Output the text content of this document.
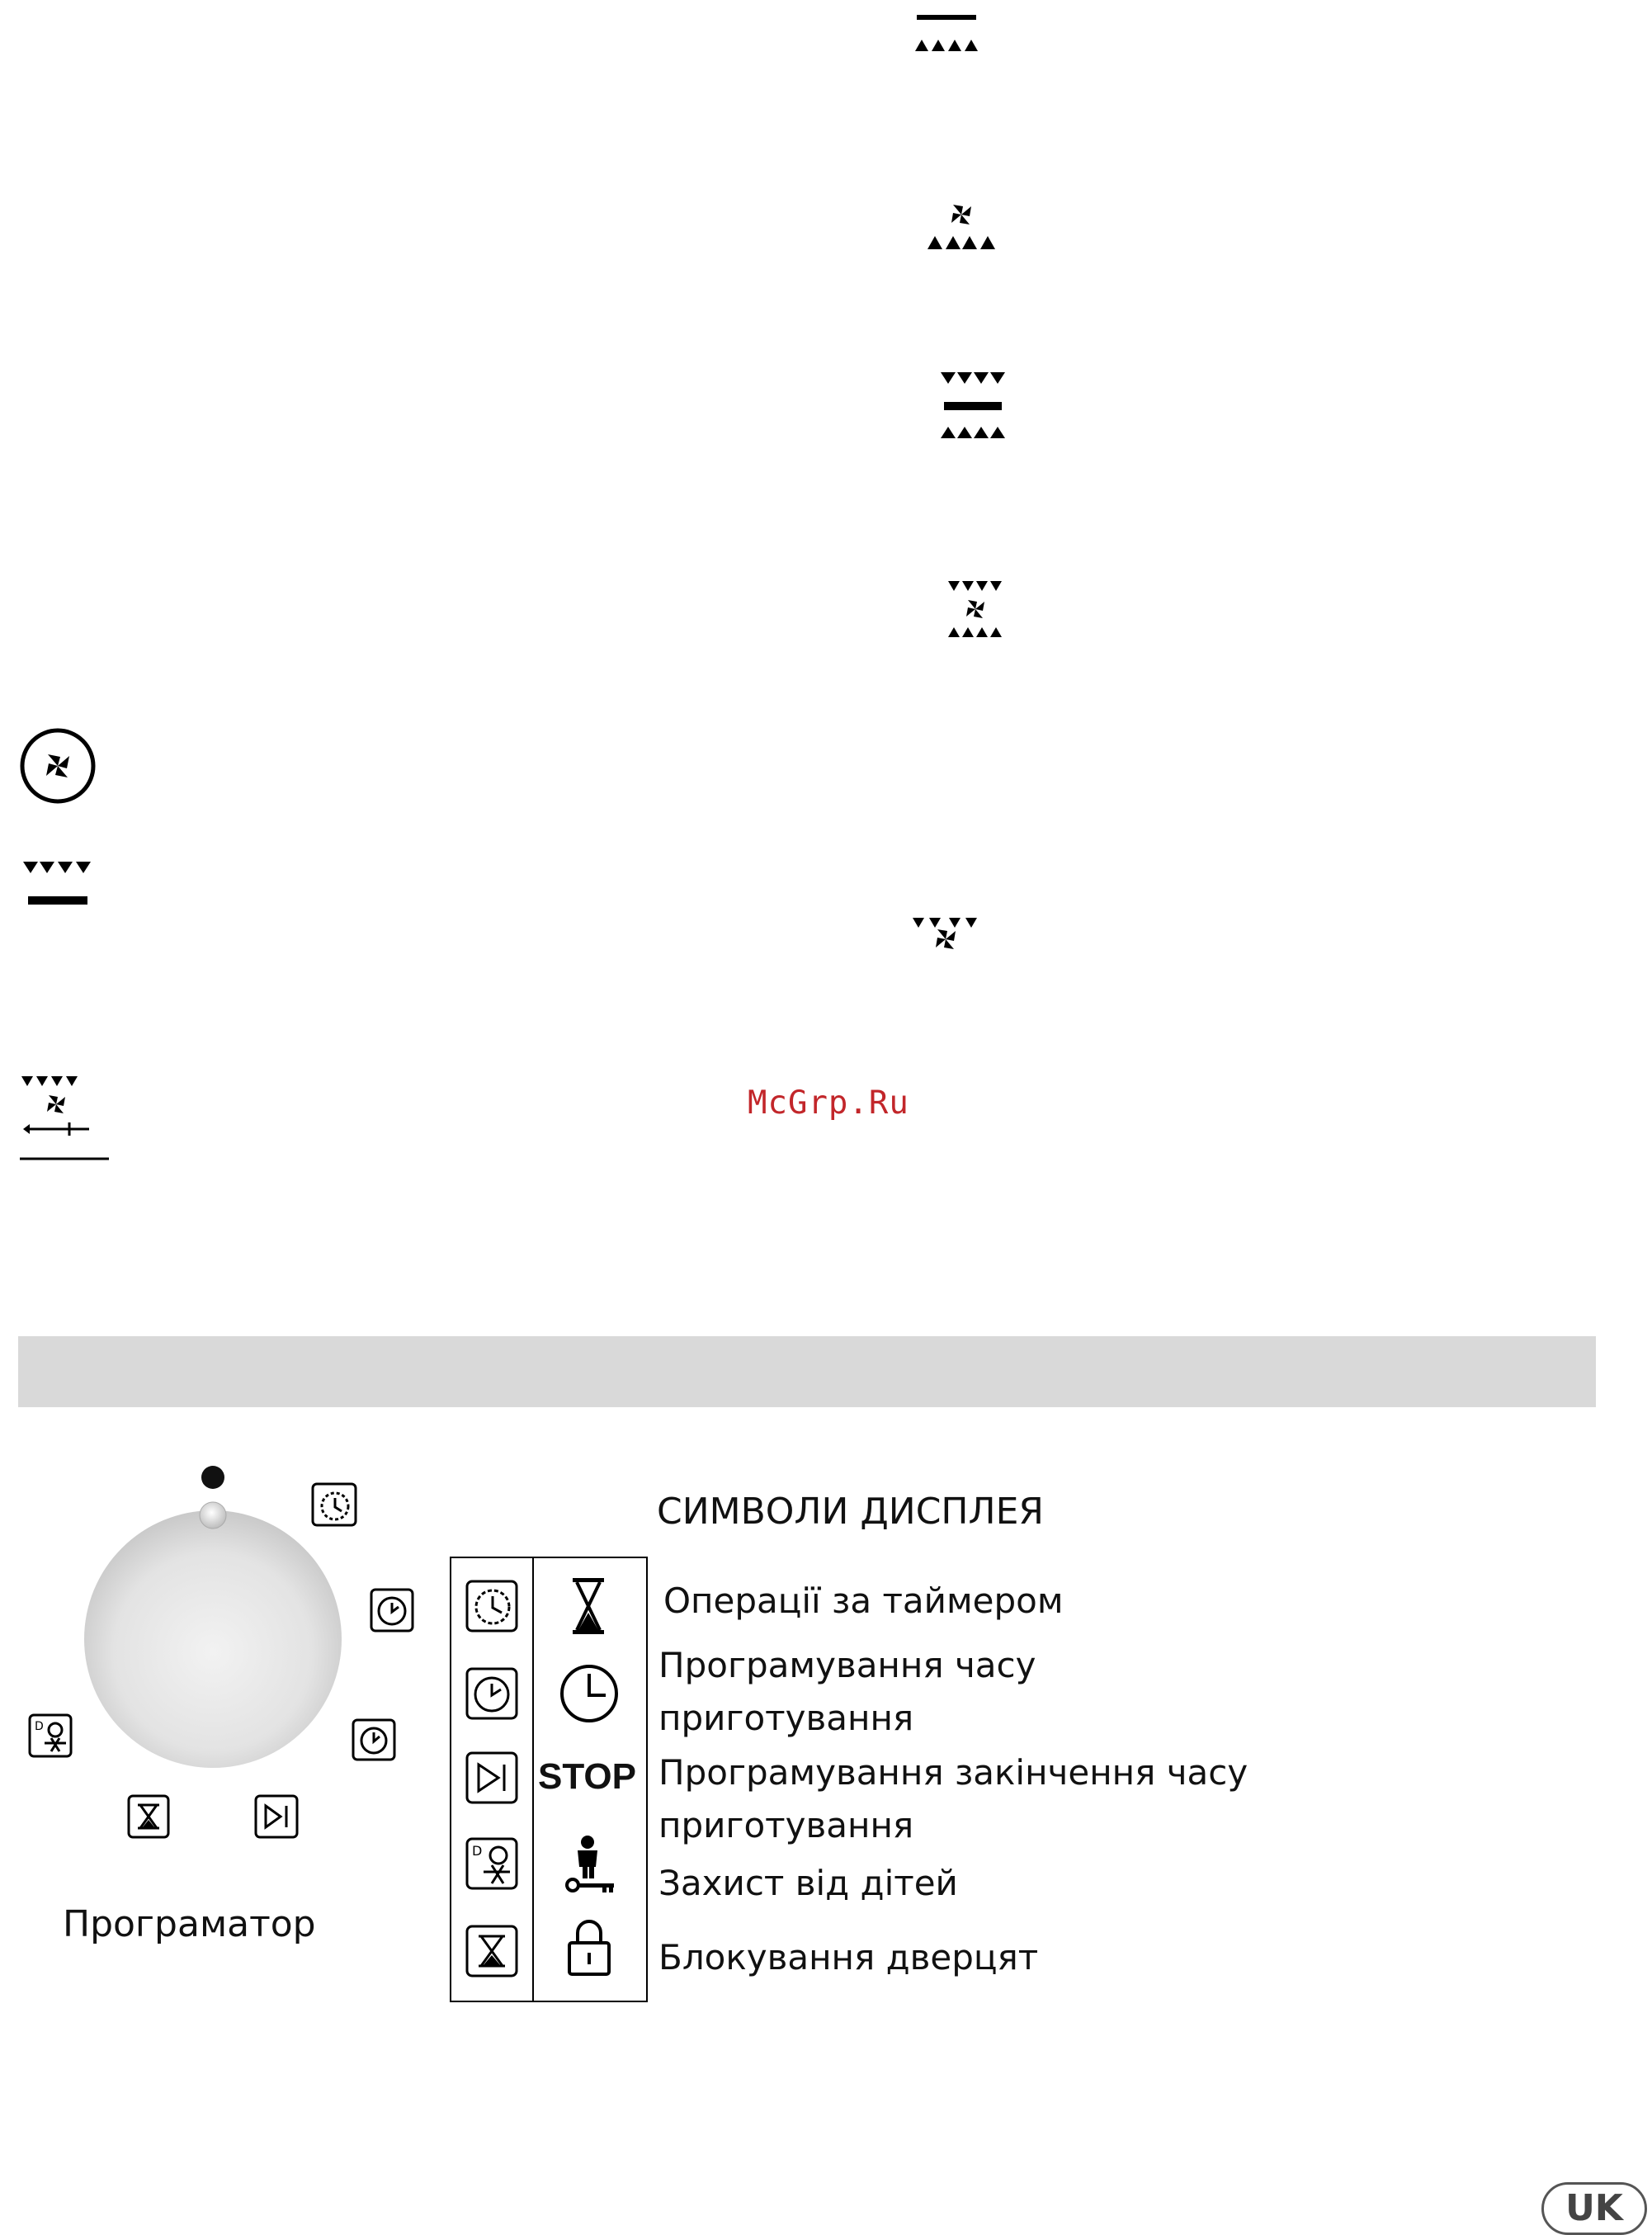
McGrp.Ru
D
Програматор
СИМВОЛИ ДИСПЛЕЯ
Операції за таймером
Програмування часу приготування
STOP Програмування закінчення часу приготування
D
Захист від дітей
Блокування дверцят
UK
